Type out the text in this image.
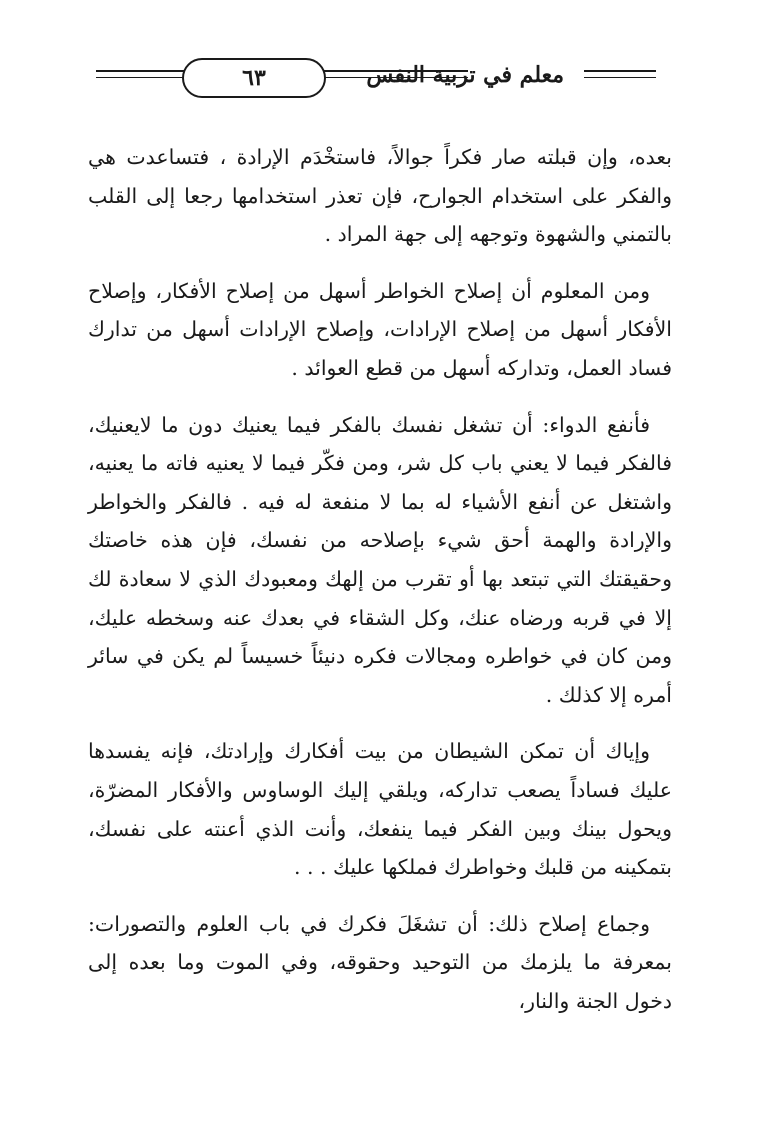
٦٣	معلم في تربية النفس

بعده، وإن قبلته صار فكراً جوالاً، فاستخْدَم الإرادة ، فتساعدت هي والفكر على استخدام الجوارح، فإن تعذر استخدامها رجعا إلى القلب بالتمني والشهوة وتوجهه إلى جهة المراد .

ومن المعلوم أن إصلاح الخواطر أسهل من إصلاح الأفكار، وإصلاح الأفكار أسهل من إصلاح الإرادات، وإصلاح الإرادات أسهل من تدارك فساد العمل، وتداركه أسهل من قطع العوائد .

فأنفع الدواء: أن تشغل نفسك بالفكر فيما يعنيك دون ما لايعنيك، فالفكر فيما لا يعني باب كل شر، ومن فكّر فيما لا يعنيه فاته ما يعنيه، واشتغل عن أنفع الأشياء له بما لا منفعة له فيه . فالفكر والخواطر والإرادة والهمة أحق شيء بإصلاحه من نفسك، فإن هذه خاصتك وحقيقتك التي تبتعد بها أو تقرب من إلهك ومعبودك الذي لا سعادة لك إلا في قربه ورضاه عنك، وكل الشقاء في بعدك عنه وسخطه عليك، ومن كان في خواطره ومجالات فكره دنيئاً خسيساً لم يكن في سائر أمره إلا كذلك .

وإياك أن تمكن الشيطان من بيت أفكارك وإرادتك، فإنه يفسدها عليك فساداً يصعب تداركه، ويلقي إليك الوساوس والأفكار المضرّة، ويحول بينك وبين الفكر فيما ينفعك، وأنت الذي أعنته على نفسك، بتمكينه من قلبك وخواطرك فملكها عليك . . .

وجماع إصلاح ذلك: أن تشغَلَ فكرك في باب العلوم والتصورات: بمعرفة ما يلزمك من التوحيد وحقوقه، وفي الموت وما بعده إلى دخول الجنة والنار،
